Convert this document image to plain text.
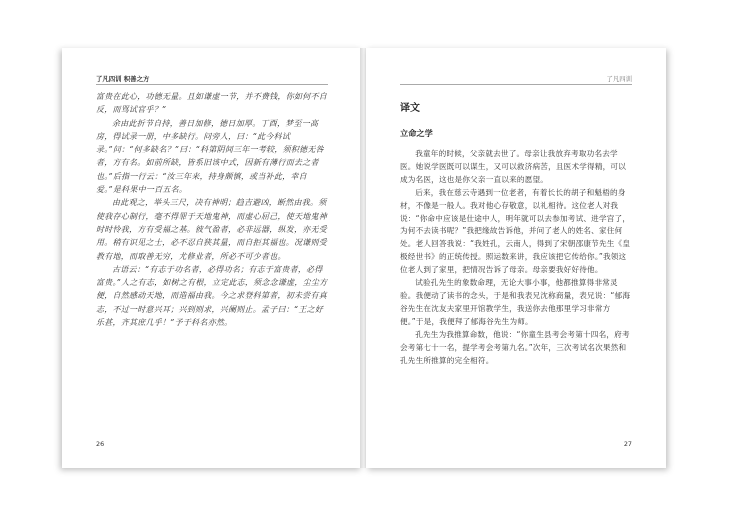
了凡四训 积善之方

富贵在此心，功德无量。且如谦虚一节，并不费钱，你如何不自反，而骂试官乎？”

余由此折节自持，善日加修，德日加厚。丁酉，梦至一高房，得试录一册，中多缺行。问旁人，曰：“此今科试录。”问：“何多缺名？”曰：“科第阴间三年一考较，须积德无咎者，方有名。如前所缺，皆系旧该中式，因新有薄行而去之者也。”后指一行云：“汝三年来，持身颇慎，或当补此，幸自爱。”是科果中一百五名。

由此观之，举头三尺，决有神明；趋吉避凶，断然由我。须使我存心制行，毫不得罪于天地鬼神，而虚心屈己，使天地鬼神时时怜我，方有受福之基。彼气盈者，必非远器，纵发，亦无受用。稍有识见之士，必不忍自狭其量，而自拒其福也。况谦则受教有地，而取善无穷，尤修业者，所必不可少者也。

古语云：“有志于功名者，必得功名；有志于富贵者，必得富贵。”人之有志，如树之有根，立定此志，须念念谦虚，尘尘方便，自然感动天地，而造福由我。今之求登科第者，初未尝有真志，不过一时意兴耳；兴到则求，兴阑则止。孟子曰：“王之好乐甚，齐其庶几乎！”予于科名亦然。

26
了凡四训
译文
立命之学

我童年的时候，父亲就去世了。母亲让我放弃考取功名去学医。她说学医既可以谋生，又可以救济病苦，且医术学得精，可以成为名医，这也是你父亲一直以来的愿望。

后来，我在慈云寺遇到一位老者，有着长长的胡子和魁梧的身材，不像是一般人。我对他心存敬意，以礼相待。这位老人对我说：“你命中应该是仕途中人，明年就可以去参加考试、进学宫了，为何不去读书呢？”我把缘故告诉他，并问了老人的姓名、家住何处。老人回答我说：“我姓孔，云南人，得到了宋朝邵康节先生《皇极经世书》的正统传授。照运数来讲，我应该把它传给你。”我领这位老人到了家里，把情况告诉了母亲。母亲要我好好待他。

试验孔先生的象数命理，无论大事小事，他都推算得非常灵验。我便动了读书的念头，于是和我表兄沈称商量，表兄说：“郁海谷先生在沈友夫家里开馆教学生，我送你去他那里学习非常方便。”于是，我便拜了郁海谷先生为师。

孔先生为我推算命数，他说：“你童生县考会考第十四名，府考会考第七十一名，提学考会考第九名。”次年，三次考试名次果然和孔先生所推算的完全相符。

27
